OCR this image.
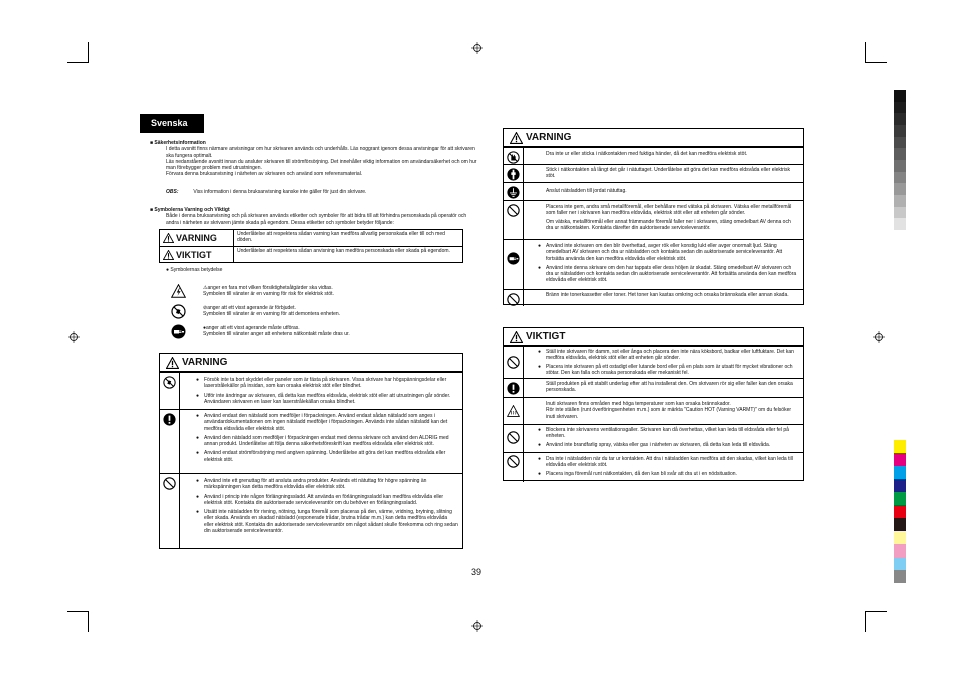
Svenska
■ Säkerhetsinformation
I detta avsnitt finns närmare anvisningar om hur skrivaren används och underhålls. Läs noggrant igenom dessa anvisningar för att skrivaren ska fungera optimalt.
Läs nedanstående avsnitt innan du ansluter skrivaren till strömförsörjning. Det innehåller viktig information om användarsäkerhet och om hur man förebygger problem med utrustningen.
Förvara denna bruksanvisning i närheten av skrivaren och använd som referensmaterial.
OBS:	Viss information i denna bruksanvisning kanske inte gäller för just din skrivare.
■ Symbolerna Varning och Viktigt
Både i denna bruksanvisning och på skrivaren används etiketter och symboler för att bidra till att förhindra personskada på operatör och andra i närheten av skrivaren jämte skada på egendom. Dessa etiketter och symboler betyder följande:
VARNING	Underlåtelse att respektera sådan varning kan medföra allvarlig personskada eller till och med döden.
VIKTIGT	Underlåtelse att respektera sådan anvisning kan medföra personskada eller skada på egendom.
● Symbolernas betydelse
⚠anger en fara mot vilken försiktighetsåtgärder ska vidtas.
Symbolen till vänster är en varning för risk för elektrisk stöt.
⊘anger att ett visst agerande är förbjudet.
Symbolen till vänster är en varning för att demontera enheten.
●anger att ett visst agerande måste utföras.
Symbolen till vänster anger att enhetens nätkontakt måste dras ur.
VARNING
● Försök inte ta bort skyddet eller paneler som är fästa på skrivaren. Vissa skrivare har högspänningsdelar eller laserstrålekällor på insidan, som kan orsaka elektrisk stöt eller blindhet.
● Utför inte ändringar av skrivaren, då detta kan medföra eldsvåda, elektrisk stöt eller att utrustningen går sönder. Användaren skrivaren en laser kan laserstrålekällan orsaka blindhet.
● Använd endast den nätsladd som medföljer i förpackningen. Använd endast sådan nätsladd som anges i användardokumentationen om ingen nätsladd medföljer i förpackningen. Används inte sådan nätsladd kan det medföra eldsvåda eller elektrisk stöt.
● Använd den nätsladd som medföljer i förpackningen endast med denna skrivare och använd den ALDRIG med annan produkt. Underlåtelse att följa denna säkerhetsföreskrift kan medföra eldsvåda eller elektrisk stöt.
● Använd endast strömförsörjning med angiven spänning. Underlåtelse att göra det kan medföra eldsvåda eller elektrisk stöt.
● Använd inte ett grenuttag för att ansluta andra produkter. Används ett nätuttag för högre spänning än märkspänningen kan detta medföra eldsvåda eller elektrisk stöt.
● Använd i princip inte någon förlängningssladd. Att använda en förlängningssladd kan medföra eldsvåda eller elektrisk stöt. Kontakta din auktoriserade serviceleverantör om du behöver en förlängningssladd.
● Utsätt inte nätsladden för rivning, nötning, tunga föremål som placeras på den, värme, vridning, brytning, slitning eller skada. Används en skadad nätsladd (exponerade trådar, brutna trådar m.m.) kan detta medföra eldsvåda eller elektrisk stöt. Kontakta din auktoriserade serviceleverantör om något sådant skulle förekomma och ring sedan din auktoriserade serviceleverantör.
VARNING
Dra inte ur eller sticka i nätkontakten med fuktiga händer, då det kan medföra elektrisk stöt.
Stick i nätkontakten så långt det går i nätuttaget. Underlåtelse att göra det kan medföra eldsvåda eller elektrisk stöt.
Anslut nätsladden till jordat nätuttag.
Placera inte gem, andra små metallföremål, eller behållare med vätska på skrivaren. Vätska eller metallföremål som faller ner i skrivaren kan medföra eldsvåda, elektrisk stöt eller att enheten går sönder.
Om vätska, metallföremål eller annat främmande föremål faller ner i skrivaren, stäng omedelbart AV denna och dra ur nätkontakten. Kontakta därefter din auktoriserade serviceleverantör.
● Använd inte skrivaren om den blir överhettad, avger rök eller konstig lukt eller avger onormalt ljud. Stäng omedelbart AV skrivaren och dra ur nätsladden och kontakta sedan din auktoriserade serviceleverantör. Att fortsätta använda den kan medföra eldsvåda eller elektrisk stöt.
● Använd inte denna skrivare om den har tappats eller dess höljen är skadat. Stäng omedelbart AV skrivaren och dra ur nätsladden och kontakta sedan din auktoriserade serviceleverantör. Att fortsätta använda den kan medföra eldsvåda eller elektrisk stöt.
Bränn inte tonerkassetter eller toner. Het toner kan kastas omkring och orsaka brännskada eller annan skada.
VIKTIGT
● Ställ inte skrivaren för damm, sot eller ånga och placera den inte nära köksbord, badkar eller luftfuktare. Det kan medföra eldsvåda, elektrisk stöt eller att enheten går sönder.
● Placera inte skrivaren på ett ostadigt eller lutande bord eller på en plats som är utsatt för mycket vibrationer och stötar. Den kan falla och orsaka personskada eller mekaniskt fel.
Ställ produkten på ett stabilt underlag efter att ha installerat den. Om skrivaren rör sig eller faller kan den orsaka personskada.
Inuti skrivaren finns områden med höga temperaturer som kan orsaka brännskador.
Rör inte ställen (runt överföringsenheten m.m.) som är märkta "Caution HOT (Varning VARMT)" om du felsöker inuti skrivaren.
● Blockera inte skrivarens ventilationsgaller. Skrivaren kan då överhettas, vilket kan leda till eldsvåda eller fel på enheten.
● Använd inte brandfarlig spray, vätska eller gas i närheten av skrivaren, då detta kan leda till eldsvåda.
● Dra inte i nätsladden när du tar ur kontakten. Att dra i nätsladden kan medföra att den skadas, vilket kan leda till eldsvåda eller elektrisk stöt.
● Placera inga föremål runt nätkontakten, då den kan bli svår att dra ut i en nödsituation.
39
